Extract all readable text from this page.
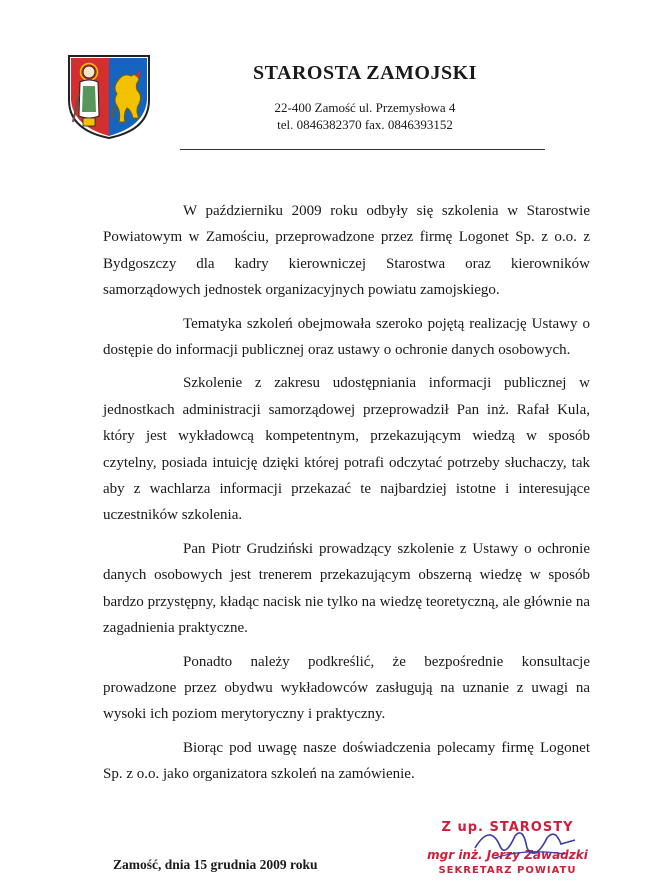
STAROSTA ZAMOJSKI
22-400 Zamość ul. Przemysłowa 4
tel. 0846382370 fax. 0846393152

W październiku 2009 roku odbyły się szkolenia w Starostwie Powiatowym w Zamościu, przeprowadzone przez firmę Logonet Sp. z o.o. z Bydgoszczy dla kadry kierowniczej Starostwa oraz kierowników samorządowych jednostek organizacyjnych powiatu zamojskiego.

Tematyka szkoleń obejmowała szeroko pojętą realizację Ustawy o dostępie do informacji publicznej oraz ustawy o ochronie danych osobowych.

Szkolenie z zakresu udostępniania informacji publicznej w jednostkach administracji samorządowej przeprowadził Pan inż. Rafał Kula, który jest wykładowcą kompetentnym, przekazującym wiedzą w sposób czytelny, posiada intuicję dzięki której potrafi odczytać potrzeby słuchaczy, tak aby z wachlarza informacji przekazać te najbardziej istotne i interesujące uczestników szkolenia.

Pan Piotr Grudziński prowadzący szkolenie z Ustawy o ochronie danych osobowych jest trenerem przekazującym obszerną wiedzę w sposób bardzo przystępny, kładąc nacisk nie tylko na wiedzę teoretyczną, ale głównie na zagadnienia praktyczne.

Ponadto należy podkreślić, że bezpośrednie konsultacje prowadzone przez obydwu wykładowców zasługują na uznanie z uwagi na wysoki ich poziom merytoryczny i praktyczny.

Biorąc pod uwagę nasze doświadczenia polecamy firmę Logonet Sp. z o.o. jako organizatora szkoleń na zamówienie.

Zamość, dnia 15 grudnia 2009 roku
Z up. STAROSTY
mgr inż. Jerzy Zawadzki
SEKRETARZ POWIATU
